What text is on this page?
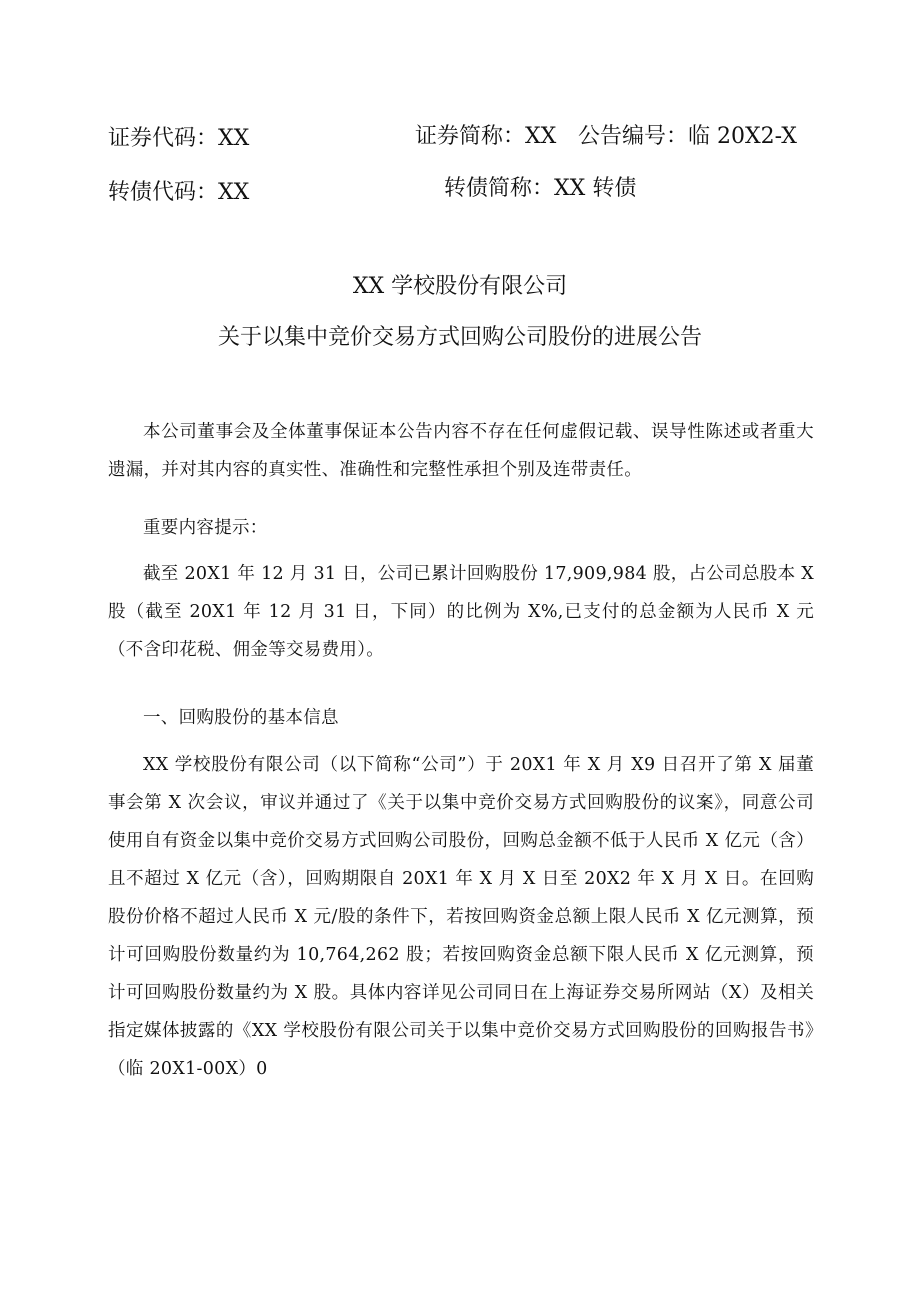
证券代码：XX	证券简称：XX 公告编号：临 20X2-X
转债代码：XX	转债简称：XX 转债
XX 学校股份有限公司
关于以集中竞价交易方式回购公司股份的进展公告

本公司董事会及全体董事保证本公告内容不存在任何虚假记载、误导性陈述或者重大遗漏，并对其内容的真实性、准确性和完整性承担个别及连带责任。

重要内容提示：

截至 20X1 年 12 月 31 日，公司已累计回购股份 17,909,984 股，占公司总股本 X 股（截至 20X1 年 12 月 31 日，下同）的比例为 X%,已支付的总金额为人民币 X 元（不含印花税、佣金等交易费用）。

一、回购股份的基本信息

XX 学校股份有限公司（以下简称“公司”）于 20X1 年 X 月 X9 日召开了第 X 届董事会第 X 次会议，审议并通过了《关于以集中竞价交易方式回购股份的议案》，同意公司使用自有资金以集中竞价交易方式回购公司股份，回购总金额不低于人民币 X 亿元（含）且不超过 X 亿元（含），回购期限自 20X1 年 X 月 X 日至 20X2 年 X 月 X 日。在回购股份价格不超过人民币 X 元/股的条件下，若按回购资金总额上限人民币 X 亿元测算，预计可回购股份数量约为 10,764,262 股；若按回购资金总额下限人民币 X 亿元测算，预计可回购股份数量约为 X 股。具体内容详见公司同日在上海证券交易所网站（X）及相关指定媒体披露的《XX 学校股份有限公司关于以集中竞价交易方式回购股份的回购报告书》（临 20X1-00X）0
